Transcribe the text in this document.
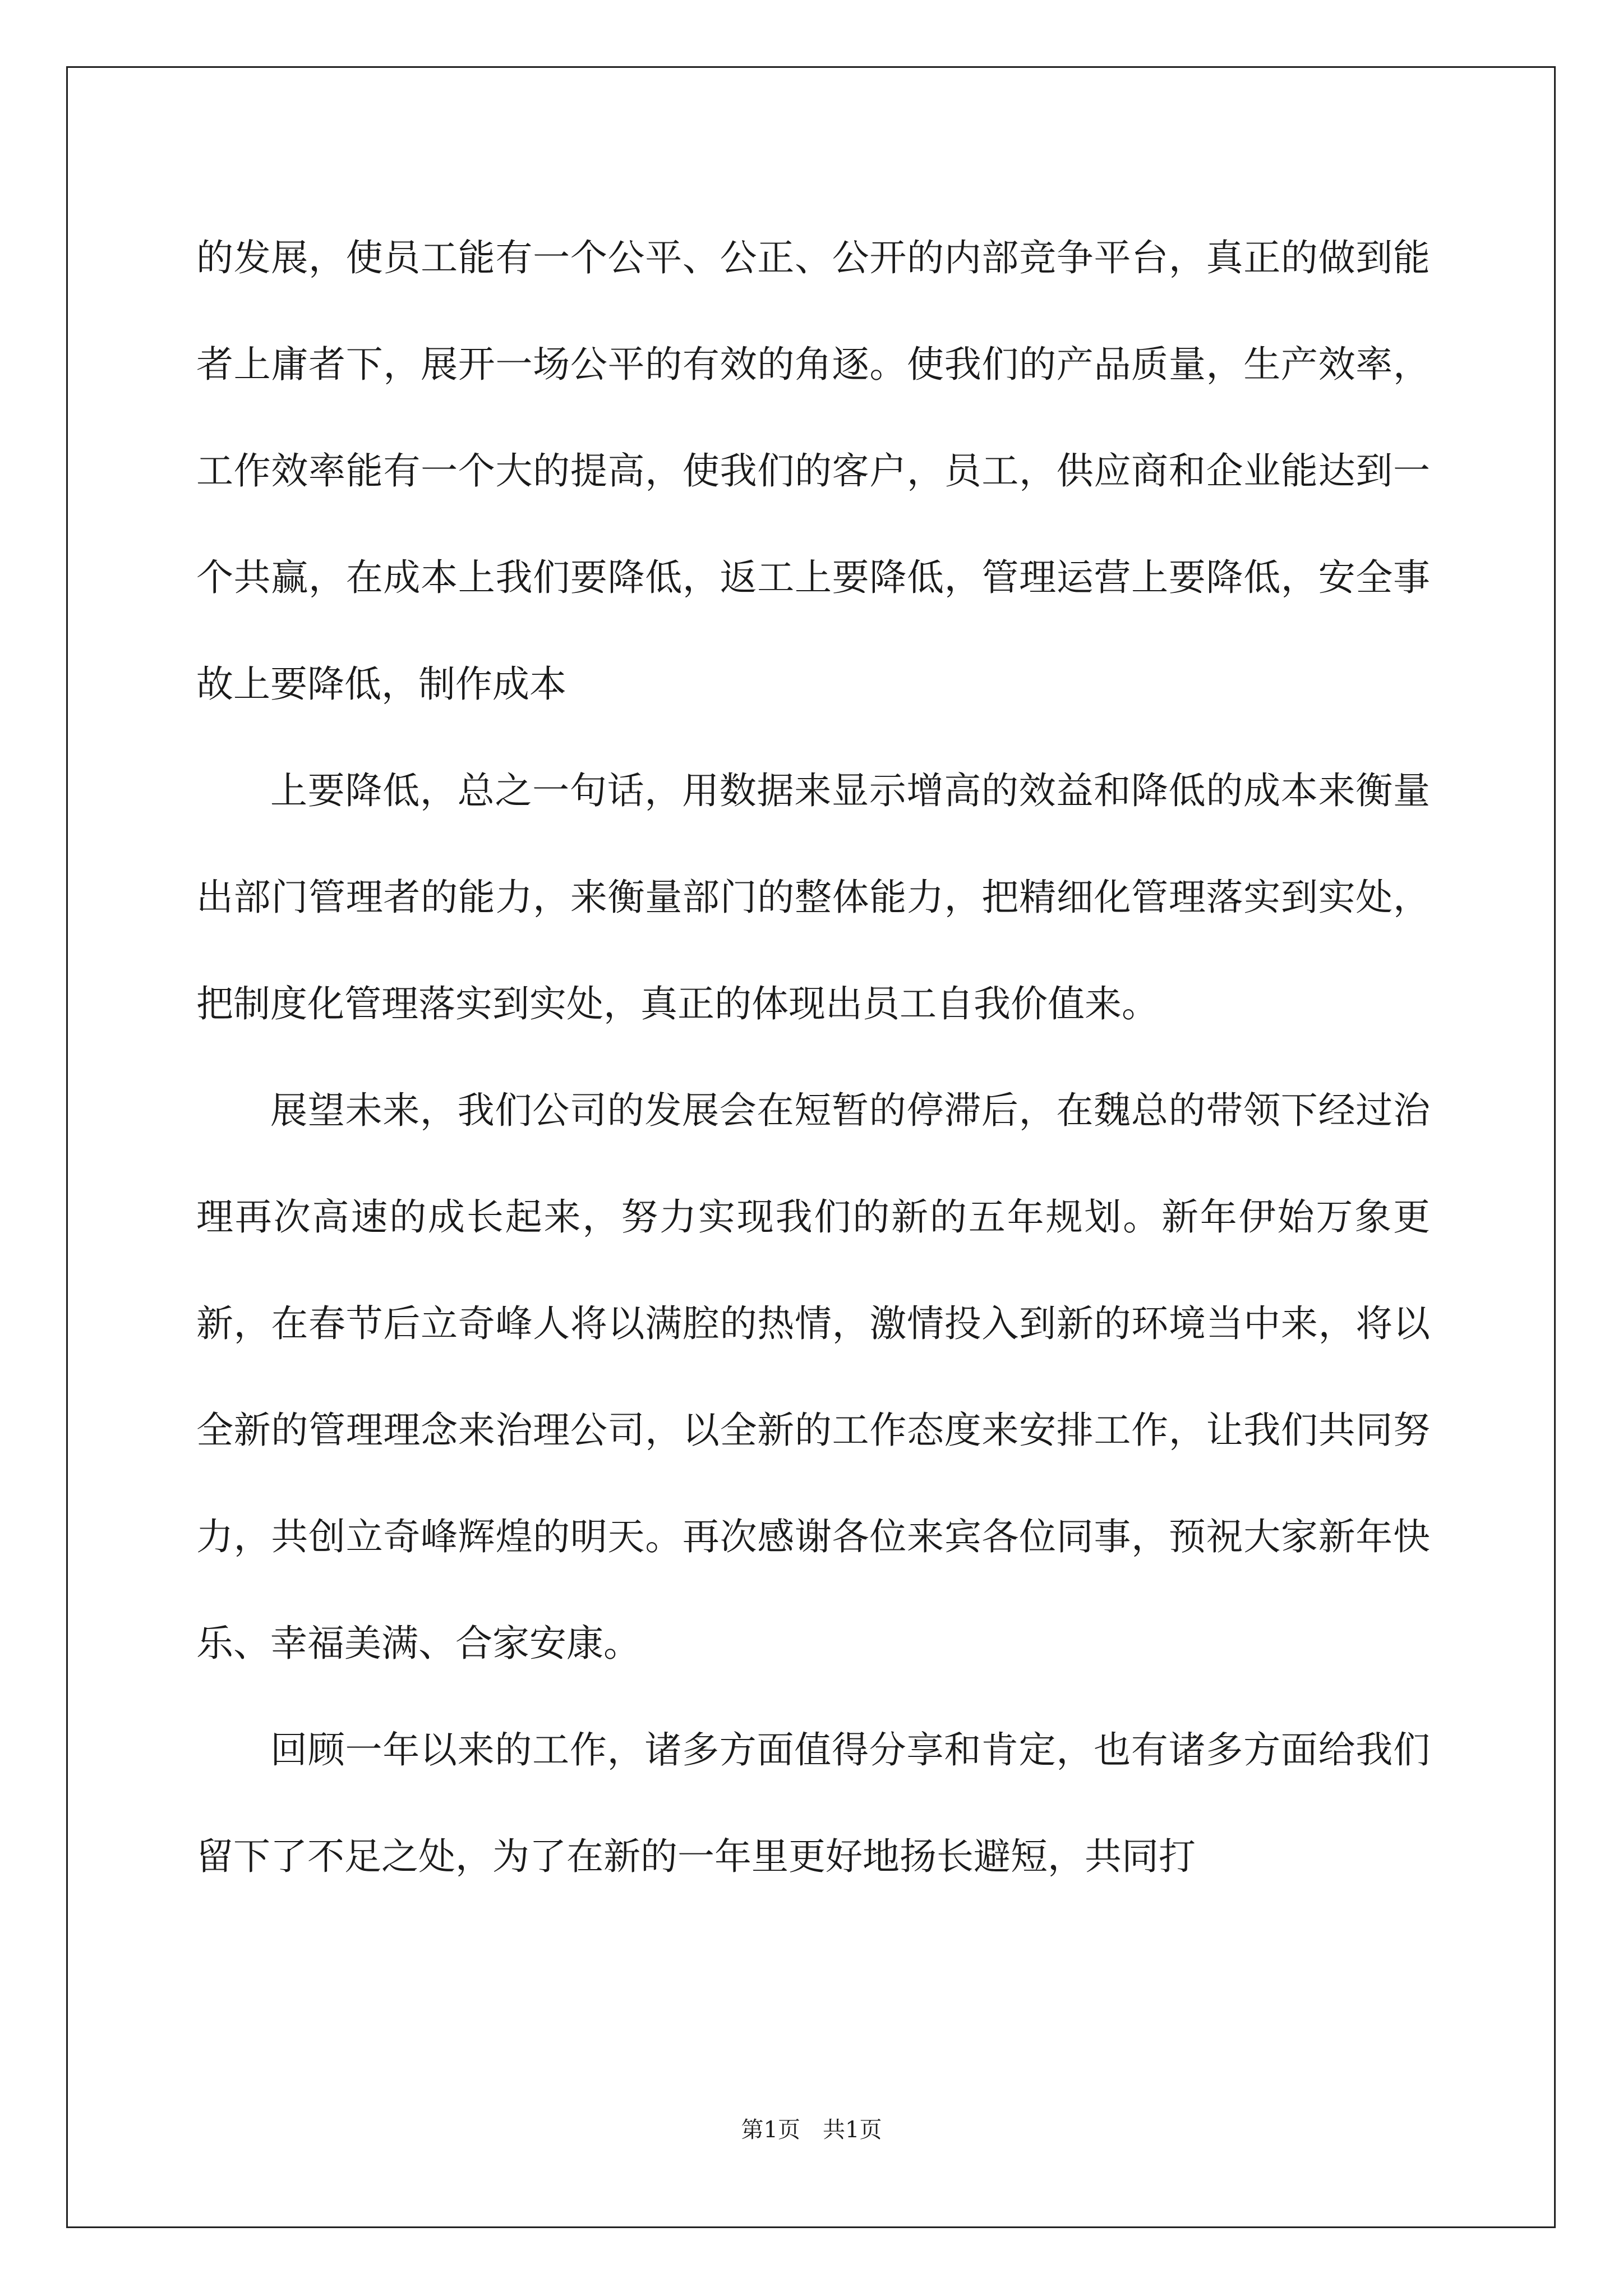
的发展，使员工能有一个公平、公正、公开的内部竞争平台，真正的做到能者上庸者下，展开一场公平的有效的角逐。使我们的产品质量，生产效率，工作效率能有一个大的提高，使我们的客户，员工，供应商和企业能达到一个共赢，在成本上我们要降低，返工上要降低，管理运营上要降低，安全事故上要降低，制作成本

上要降低，总之一句话，用数据来显示增高的效益和降低的成本来衡量出部门管理者的能力，来衡量部门的整体能力，把精细化管理落实到实处，把制度化管理落实到实处，真正的体现出员工自我价值来。

展望未来，我们公司的发展会在短暂的停滞后，在魏总的带领下经过治理再次高速的成长起来，努力实现我们的新的五年规划。新年伊始万象更新，在春节后立奇峰人将以满腔的热情，激情投入到新的环境当中来，将以全新的管理理念来治理公司，以全新的工作态度来安排工作，让我们共同努力，共创立奇峰辉煌的明天。再次感谢各位来宾各位同事，预祝大家新年快乐、幸福美满、合家安康。

回顾一年以来的工作，诸多方面值得分享和肯定，也有诸多方面给我们留下了不足之处，为了在新的一年里更好地扬长避短，共同打

第1页　共1页
